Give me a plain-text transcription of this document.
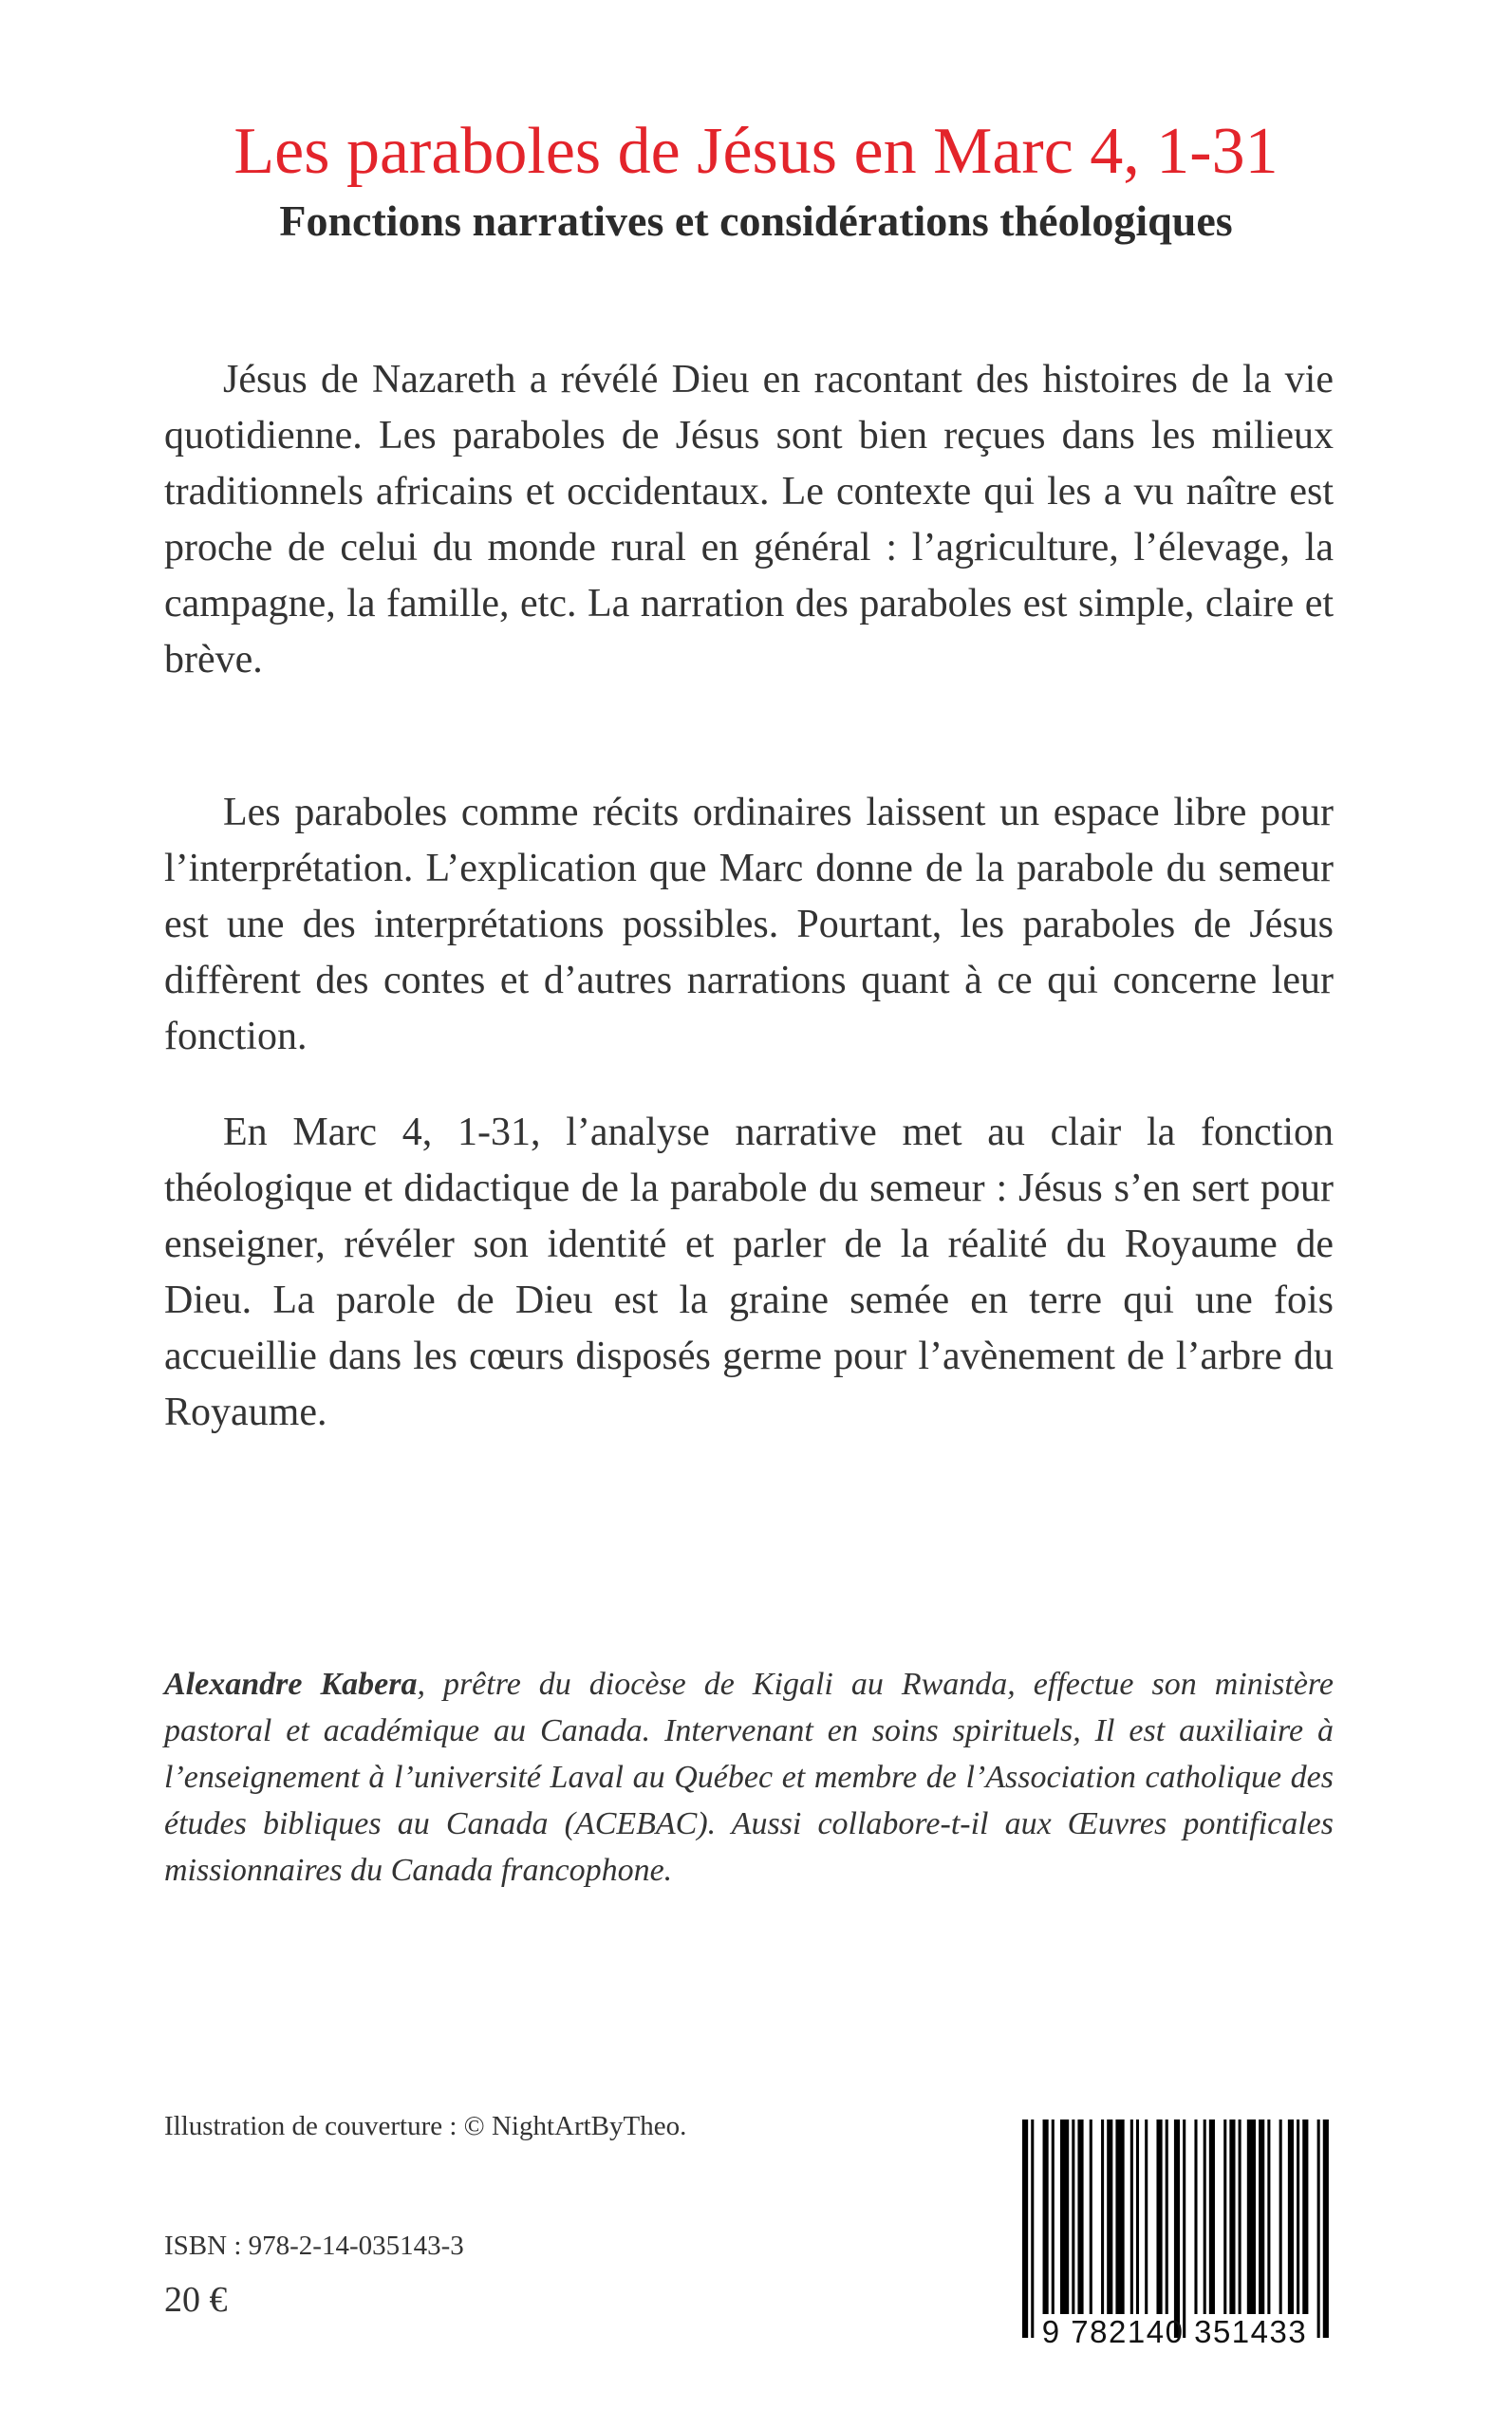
Les paraboles de Jésus en Marc 4, 1-31
Fonctions narratives et considérations théologiques

Jésus de Nazareth a révélé Dieu en racontant des histoires de la vie quotidienne. Les paraboles de Jésus sont bien reçues dans les milieux traditionnels africains et occidentaux. Le contexte qui les a vu naître est proche de celui du monde rural en général : l’agriculture, l’élevage, la campagne, la famille, etc. La narration des paraboles est simple, claire et brève.

Les paraboles comme récits ordinaires laissent un espace libre pour l’interprétation. L’explication que Marc donne de la parabole du semeur est une des interprétations possibles. Pourtant, les paraboles de Jésus diffèrent des contes et d’autres narrations quant à ce qui concerne leur fonction.

En Marc 4, 1-31, l’analyse narrative met au clair la fonction théologique et didactique de la parabole du semeur : Jésus s’en sert pour enseigner, révéler son identité et parler de la réalité du Royaume de Dieu. La parole de Dieu est la graine semée en terre qui une fois accueillie dans les cœurs disposés germe pour l’avènement de l’arbre du Royaume.

Alexandre Kabera, prêtre du diocèse de Kigali au Rwanda, effectue son ministère pastoral et académique au Canada. Intervenant en soins spirituels, Il est auxiliaire à l’enseignement à l’université Laval au Québec et membre de l’Association catholique des études bibliques au Canada (ACEBAC). Aussi collabore-t-il aux Œuvres pontificales missionnaires du Canada francophone.

Illustration de couverture : © NightArtByTheo.

ISBN : 978-2-14-035143-3

20 €

9 782140 351433
